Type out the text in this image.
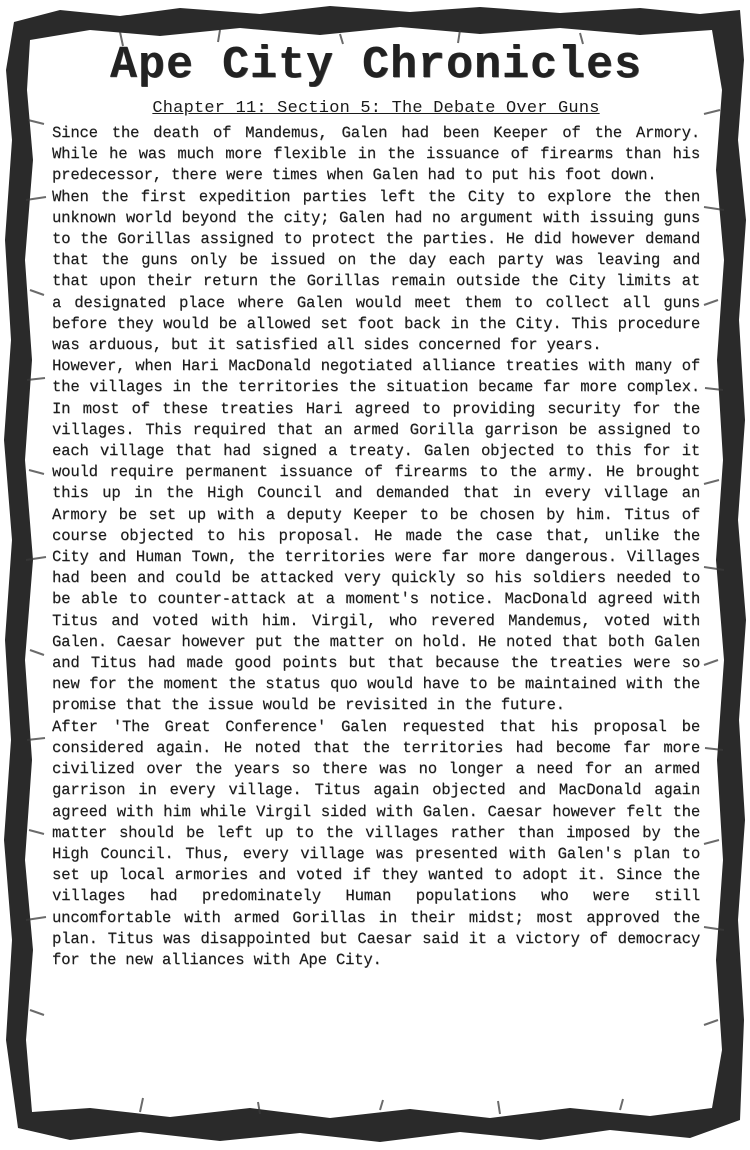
Ape City Chronicles
Chapter 11: Section 5: The Debate Over Guns

Since the death of Mandemus, Galen had been Keeper of the Armory. While he was much more flexible in the issuance of firearms than his predecessor, there were times when Galen had to put his foot down.

When the first expedition parties left the City to explore the then unknown world beyond the city; Galen had no argument with issuing guns to the Gorillas assigned to protect the parties. He did however demand that the guns only be issued on the day each party was leaving and that upon their return the Gorillas remain outside the City limits at a designated place where Galen would meet them to collect all guns before they would be allowed set foot back in the City. This procedure was arduous, but it satisfied all sides concerned for years.

However, when Hari MacDonald negotiated alliance treaties with many of the villages in the territories the situation became far more complex. In most of these treaties Hari agreed to providing security for the villages. This required that an armed Gorilla garrison be assigned to each village that had signed a treaty. Galen objected to this for it would require permanent issuance of firearms to the army. He brought this up in the High Council and demanded that in every village an Armory be set up with a deputy Keeper to be chosen by him. Titus of course objected to his proposal. He made the case that, unlike the City and Human Town, the territories were far more dangerous. Villages had been and could be attacked very quickly so his soldiers needed to be able to counter-attack at a moment's notice. MacDonald agreed with Titus and voted with him. Virgil, who revered Mandemus, voted with Galen. Caesar however put the matter on hold. He noted that both Galen and Titus had made good points but that because the treaties were so new for the moment the status quo would have to be maintained with the promise that the issue would be revisited in the future.

After 'The Great Conference' Galen requested that his proposal be considered again. He noted that the territories had become far more civilized over the years so there was no longer a need for an armed garrison in every village. Titus again objected and MacDonald again agreed with him while Virgil sided with Galen. Caesar however felt the matter should be left up to the villages rather than imposed by the High Council. Thus, every village was presented with Galen's plan to set up local armories and voted if they wanted to adopt it. Since the villages had predominately Human populations who were still uncomfortable with armed Gorillas in their midst; most approved the plan. Titus was disappointed but Caesar said it a victory of democracy for the new alliances with Ape City.
